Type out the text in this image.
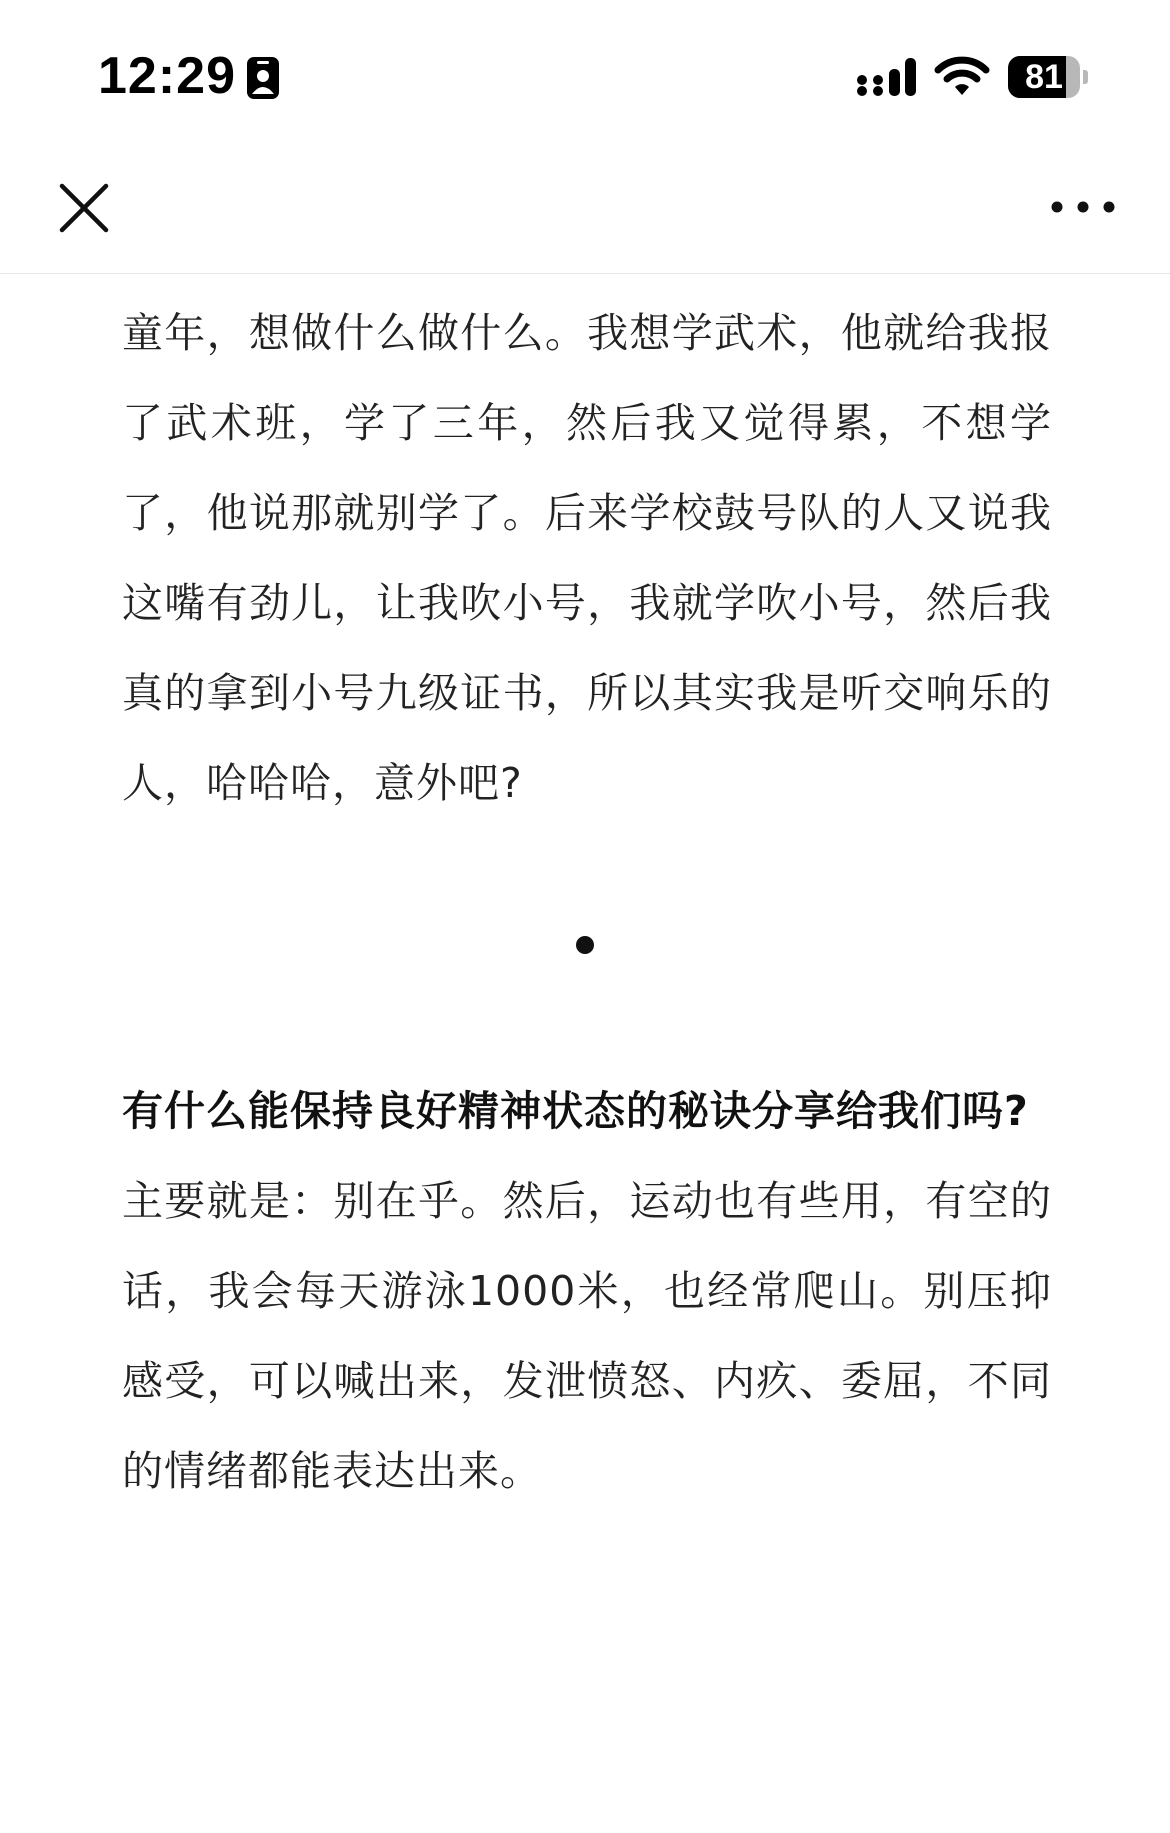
12:29	81

童年，想做什么做什么。我想学武术，他就给我报了武术班，学了三年，然后我又觉得累，不想学了，他说那就别学了。后来学校鼓号队的人又说我这嘴有劲儿，让我吹小号，我就学吹小号，然后我真的拿到小号九级证书，所以其实我是听交响乐的人，哈哈哈，意外吧?

有什么能保持良好精神状态的秘诀分享给我们吗?

主要就是：别在乎。然后，运动也有些用，有空的话，我会每天游泳1000米，也经常爬山。别压抑感受，可以喊出来，发泄愤怒、内疚、委屈，不同的情绪都能表达出来。
